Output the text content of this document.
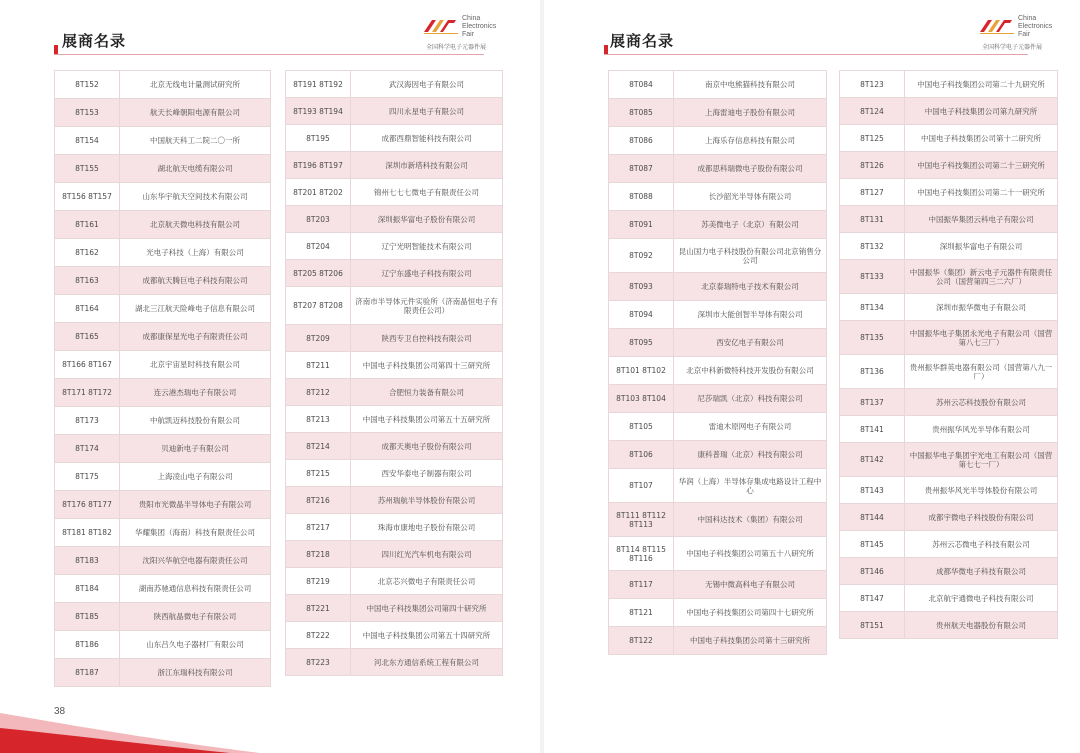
展商名录
China
Electronics
Fair
全国科学电子元器件展
8T152	北京无线电计量测试研究所
8T153	航天长峰朝阳电源有限公司
8T154	中国航天科工二院二〇一所
8T155	湖北航天电缆有限公司
8T156 8T157	山东华宇航天空间技术有限公司
8T161	北京航天微电科技有限公司
8T162	光电子科技（上海）有限公司
8T163	成都航天腾巨电子科技有限公司
8T164	湖北三江航天险峰电子信息有限公司
8T165	成都康保星光电子有限责任公司
8T166 8T167	北京宇宙星时科技有限公司
8T171 8T172	连云港杰瑞电子有限公司
8T173	中航凯迈科技股份有限公司
8T174	贝迪新电子有限公司
8T175	上海凌山电子有限公司
8T176 8T177	贵阳市光微晶半导体电子有限公司
8T181 8T182	华耀集团（海南）科技有限责任公司
8T183	沈阳兴华航空电器有限责任公司
8T184	湖南苏驰通信息科技有限责任公司
8T185	陕西航晶微电子有限公司
8T186	山东吕久电子器材厂有限公司
8T187	浙江东瑞科技有限公司
8T191 8T192	武汉海因电子有限公司
8T193 8T194	四川永星电子有限公司
8T195	成都西鼎智能科技有限公司
8T196 8T197	深圳市新塔科技有限公司
8T201 8T202	锦州七七七微电子有限责任公司
8T203	深圳振华富电子股份有限公司
8T204	辽宁光明智能技术有限公司
8T205 8T206	辽宁东盛电子科技有限公司
8T207 8T208	济南市半导体元件实验所（济南晶恒电子有限责任公司）
8T209	陕西专卫自控科技有限公司
8T211	中国电子科技集团公司第四十三研究所
8T212	合肥恒力装备有限公司
8T213	中国电子科技集团公司第五十五研究所
8T214	成都天奥电子股份有限公司
8T215	西安华泰电子制器有限公司
8T216	苏州瑞航半导体股份有限公司
8T217	珠海市康地电子股份有限公司
8T218	四川红光汽车机电有限公司
8T219	北京芯兴微电子有限责任公司
8T221	中国电子科技集团公司第四十研究所
8T222	中国电子科技集团公司第五十四研究所
8T223	河北东方通信系统工程有限公司
38
展商名录
China
Electronics
Fair
全国科学电子元器件展
8T084	南京中电熊猫科技有限公司
8T085	上海雷迪电子股份有限公司
8T086	上海乐存信息科技有限公司
8T087	成都思科瑞微电子股份有限公司
8T088	长沙韶光半导体有限公司
8T091	苏美微电子（北京）有限公司
8T092	昆山国力电子科技股份有限公司北京销售分公司
8T093	北京泰瑞特电子技术有限公司
8T094	深圳市大能创智半导体有限公司
8T095	西安亿电子有限公司
8T101 8T102	北京中科新微特科技开发股份有限公司
8T103 8T104	尼莎瑞凯（北京）科技有限公司
8T105	雷迪木原网电子有限公司
8T106	康科普瑞（北京）科技有限公司
8T107	华润（上海）半导体存集成电路设计工程中心
8T111 8T112 8T113	中国科达技术（集团）有限公司
8T114 8T115 8T116	中国电子科技集团公司第五十八研究所
8T117	无锡中微高科电子有限公司
8T121	中国电子科技集团公司第四十七研究所
8T122	中国电子科技集团公司第十三研究所
8T123	中国电子科技集团公司第二十九研究所
8T124	中国电子科技集团公司第九研究所
8T125	中国电子科技集团公司第十二研究所
8T126	中国电子科技集团公司第二十三研究所
8T127	中国电子科技集团公司第二十一研究所
8T131	中国振华集团云科电子有限公司
8T132	深圳振华富电子有限公司
8T133	中国振华（集团）新云电子元器件有限责任公司（国营第四三二六厂）
8T134	深圳市振华微电子有限公司
8T135	中国振华电子集团永光电子有限公司（国营第八七三厂）
8T136	贵州振华群英电器有限公司（国营第八九一厂）
8T137	苏州云芯科技股份有限公司
8T141	贵州振华风光半导体有限公司
8T142	中国振华电子集团宇光电工有限公司（国营第七七一厂）
8T143	贵州振华风光半导体股份有限公司
8T144	成都宇微电子科技股份有限公司
8T145	苏州云芯微电子科技有限公司
8T146	成都华微电子科技有限公司
8T147	北京航宇通微电子科技有限公司
8T151	贵州航天电器股份有限公司
